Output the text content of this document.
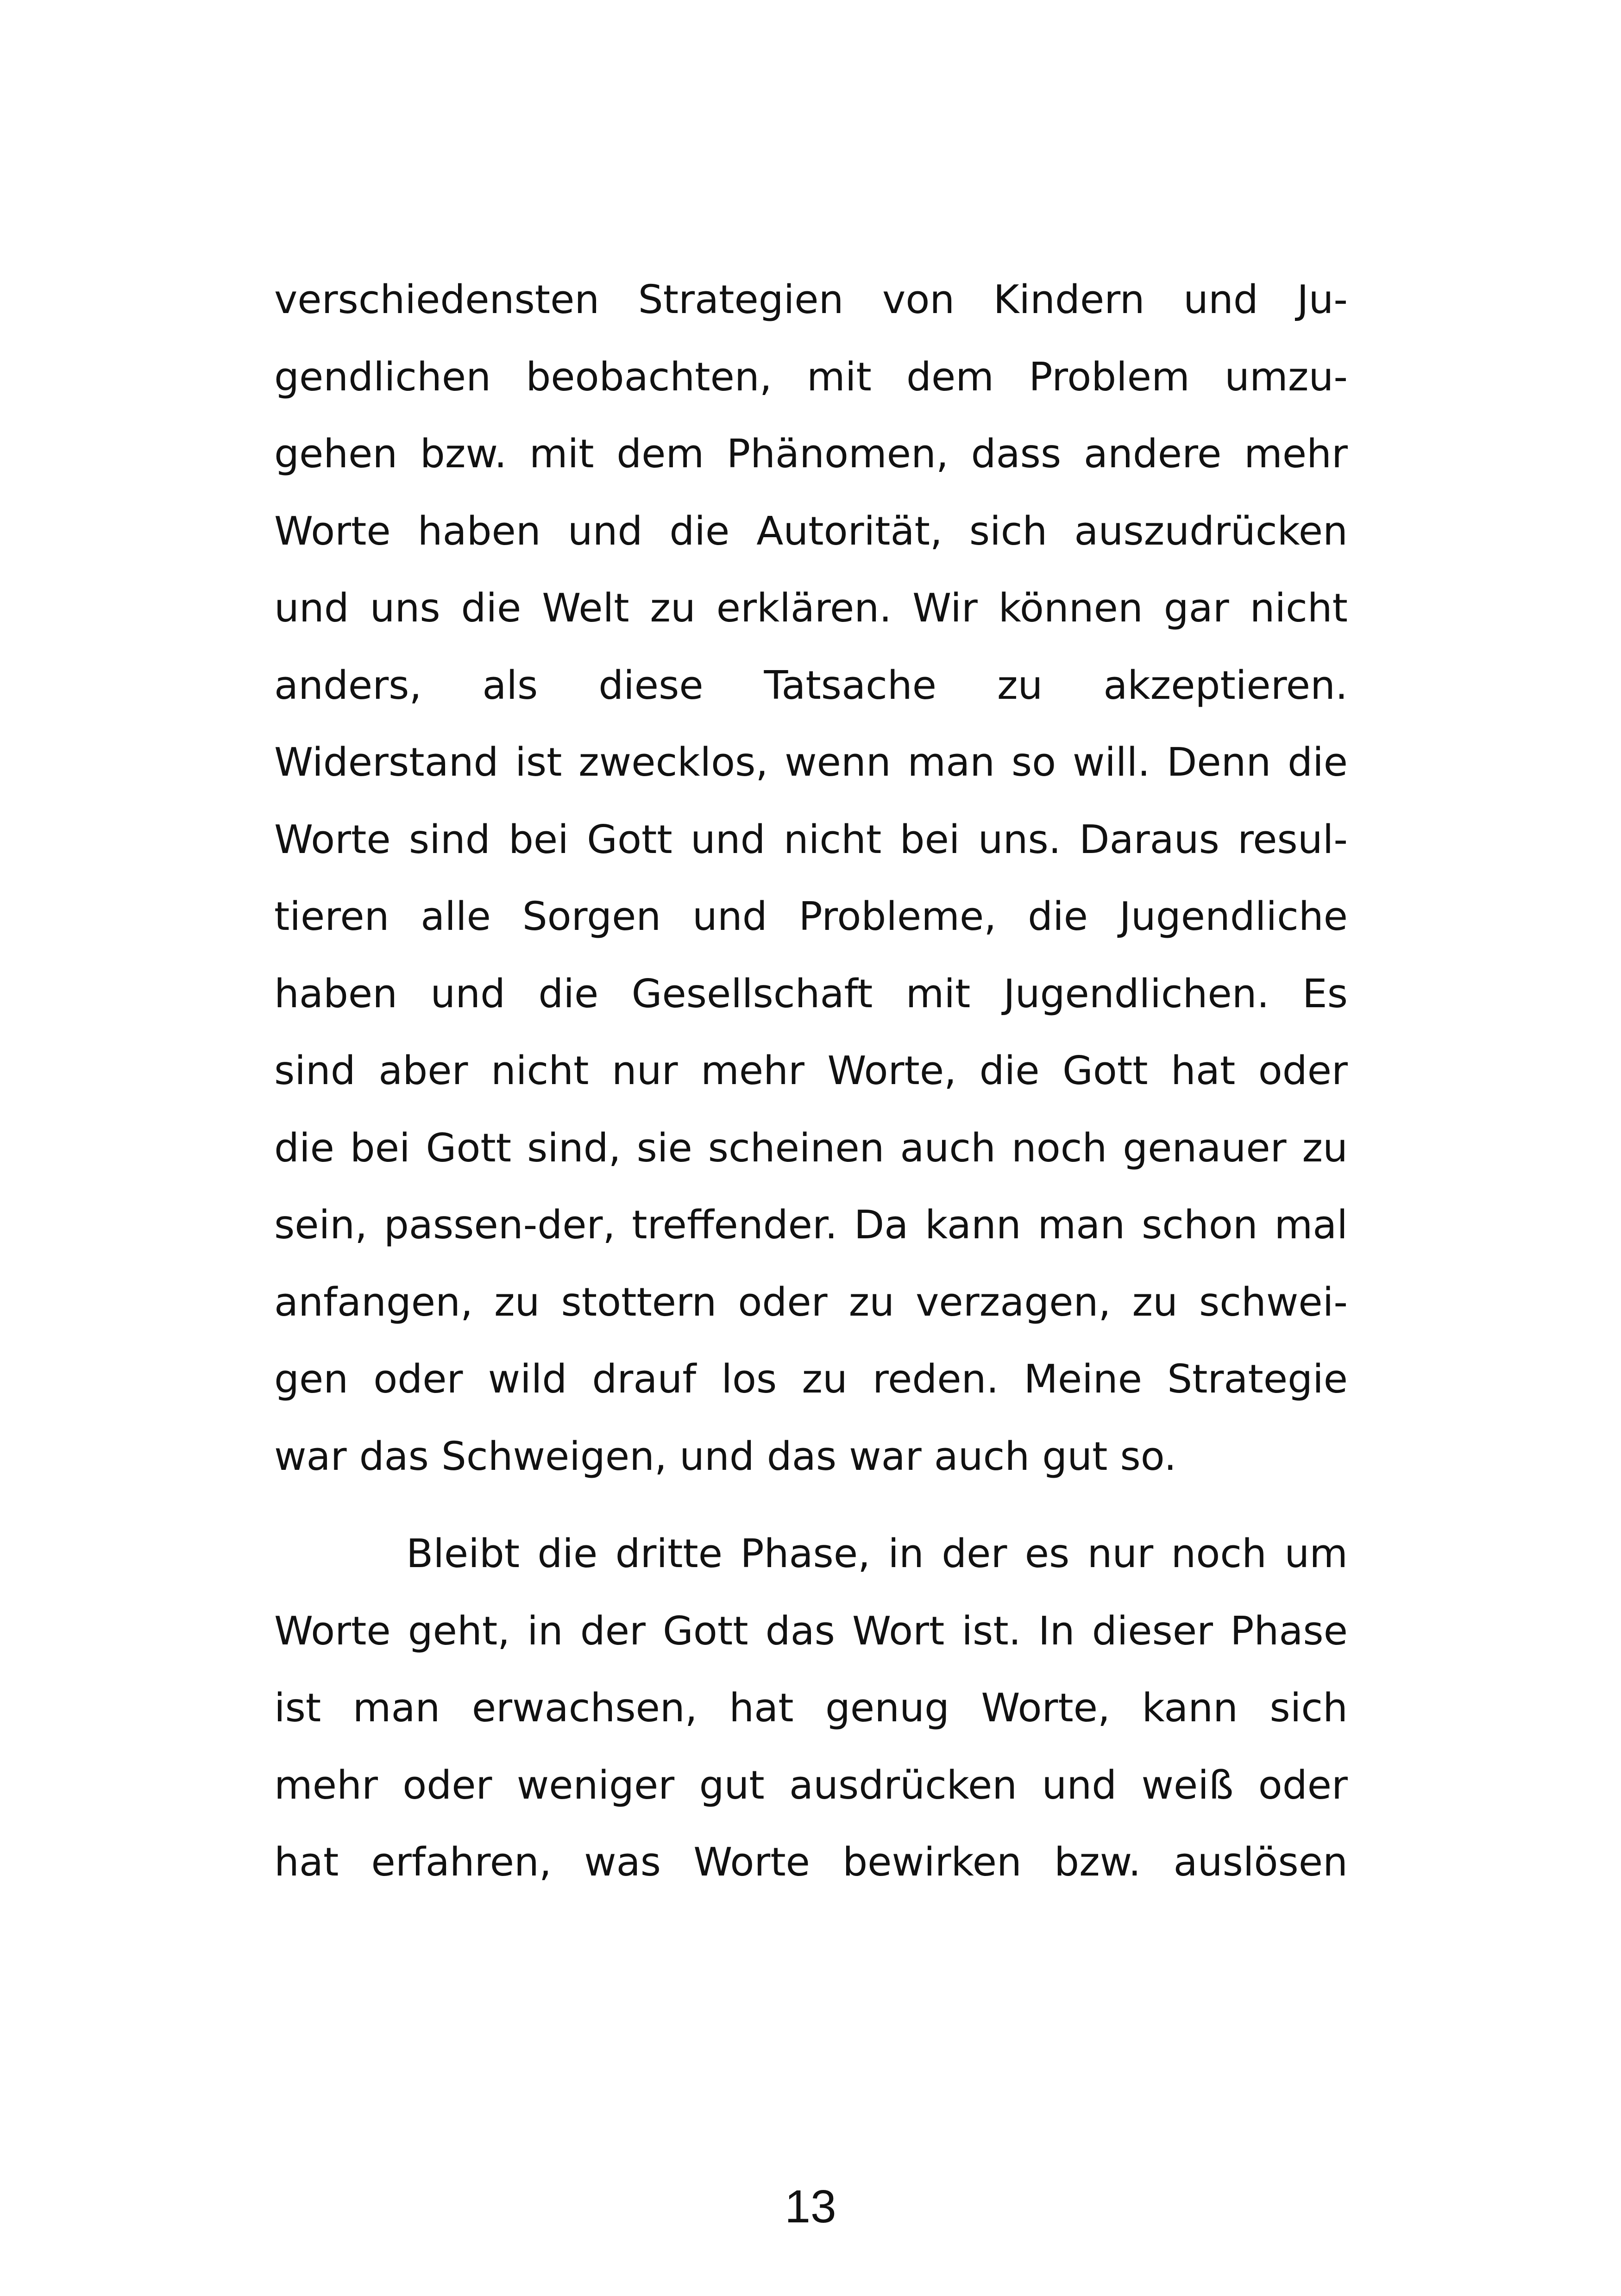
verschiedensten Strategien von Kindern und Ju-
gendlichen beobachten, mit dem Problem umzu-
gehen bzw. mit dem Phänomen, dass andere mehr
Worte haben und die Autorität, sich auszudrücken
und uns die Welt zu erklären. Wir können gar nicht
anders, als diese Tatsache zu akzeptieren.
Widerstand ist zwecklos, wenn man so will. Denn die
Worte sind bei Gott und nicht bei uns. Daraus resul-
tieren alle Sorgen und Probleme, die Jugendliche
haben und die Gesellschaft mit Jugendlichen. Es
sind aber nicht nur mehr Worte, die Gott hat oder
die bei Gott sind, sie scheinen auch noch genauer zu
sein, passen-der, treffender. Da kann man schon mal
anfangen, zu stottern oder zu verzagen, zu schwei-
gen oder wild drauf los zu reden. Meine Strategie
war das Schweigen, und das war auch gut so.
Bleibt die dritte Phase, in der es nur noch um
Worte geht, in der Gott das Wort ist. In dieser Phase
ist man erwachsen, hat genug Worte, kann sich
mehr oder weniger gut ausdrücken und weiß oder
hat erfahren, was Worte bewirken bzw. auslösen
13
